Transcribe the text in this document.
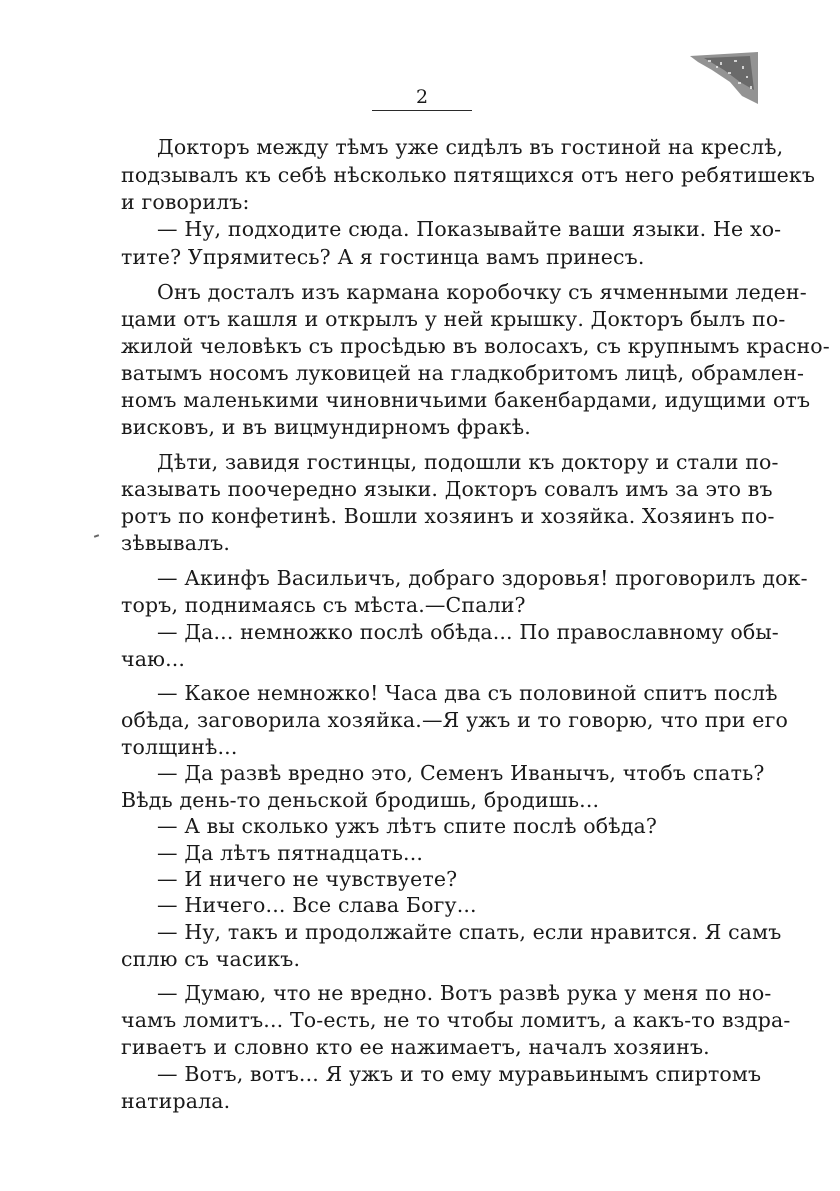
2
Докторъ между тѣмъ уже сидѣлъ въ гостиной на креслѣ,
подзывалъ къ себѣ нѣсколько пятящихся отъ него ребятишекъ
и говорилъ:
— Ну, подходите сюда. Показывайте ваши языки. Не хо-
тите? Упрямитесь? А я гостинца вамъ принесъ.
Онъ досталъ изъ кармана коробочку съ ячменными леден-
цами отъ кашля и открылъ у ней крышку. Докторъ былъ по-
жилой человѣкъ съ просѣдью въ волосахъ, съ крупнымъ красно-
ватымъ носомъ луковицей на гладкобритомъ лицѣ, обрамлен-
номъ маленькими чиновничьими бакенбардами, идущими отъ
висковъ, и въ вицмундирномъ фракѣ.
Дѣти, завидя гостинцы, подошли къ доктору и стали по-
казывать поочередно языки. Докторъ совалъ имъ за это въ
ротъ по конфетинѣ. Вошли хозяинъ и хозяйка. Хозяинъ по-
зѣвывалъ.
— Акинфъ Васильичъ, добраго здоровья! проговорилъ док-
торъ, поднимаясь съ мѣста.—Спали?
— Да... немножко послѣ обѣда... По православному обы-
чаю...
— Какое немножко! Часа два съ половиной спитъ послѣ
обѣда, заговорила хозяйка.—Я ужъ и то говорю, что при его
толщинѣ...
— Да развѣ вредно это, Семенъ Иванычъ, чтобъ спать?
Вѣдь день-то деньской бродишь, бродишь...
— А вы сколько ужъ лѣтъ спите послѣ обѣда?
— Да лѣтъ пятнадцать...
— И ничего не чувствуете?
— Ничего... Все слава Богу...
— Ну, такъ и продолжайте спать, если нравится. Я самъ
сплю съ часикъ.
— Думаю, что не вредно. Вотъ развѣ рука у меня по но-
чамъ ломитъ... То-есть, не то чтобы ломитъ, а какъ-то вздра-
гиваетъ и словно кто ее нажимаетъ, началъ хозяинъ.
— Вотъ, вотъ... Я ужъ и то ему муравьинымъ спиртомъ
натирала.
